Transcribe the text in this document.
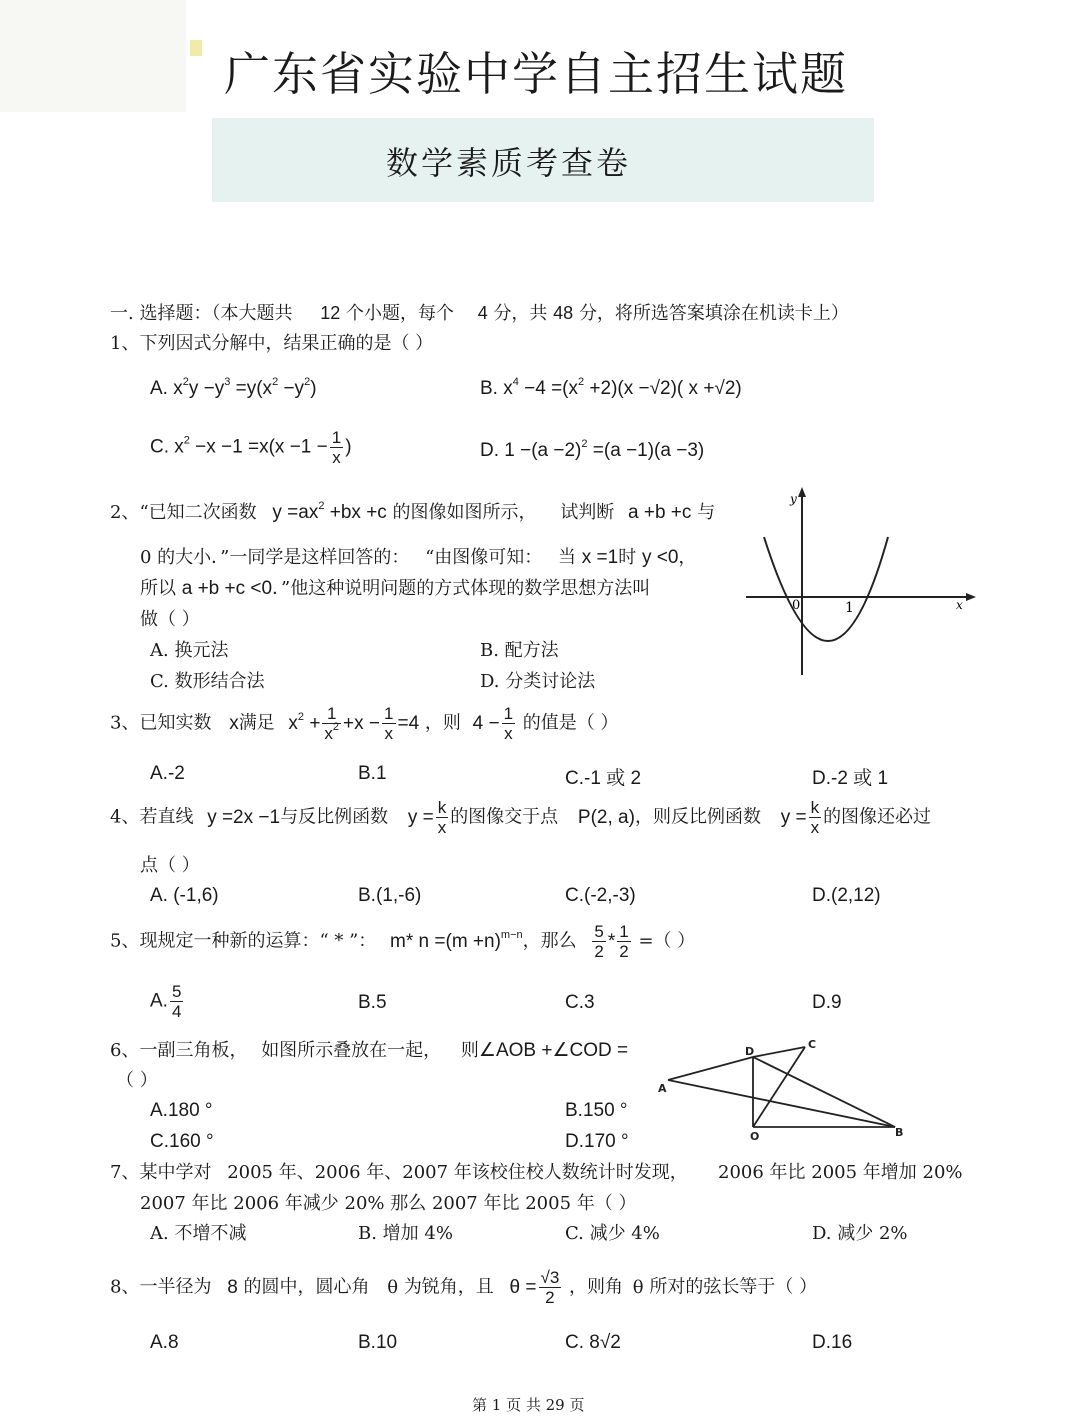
广东省实验中学自主招生试题
数学素质考查卷
一. 选择题：（本大题共 12 个小题，每个 4 分，共 48 分，将所选答案填涂在机读卡上）
1、下列因式分解中，结果正确的是（ ）
A. $x^2y -y^3 =y(x^2 -y^2)$	B. $x^4 -4 =(x^2 +2)(x -√2)$( x +√2)
C. $x^2 -x -1 =x(x -1 - \frac{1}{x}$ )	D. $1 -(a -2)^2 =(a -1)(a -3)$
2、“已知二次函数 $y =ax^2 +bx +c$ 的图像如图所示， 试判断 a +b +c 与
0 的大小．”一同学是这样回答的： “由图像可知： 当 x =1时 y <0，
所以 a +b +c <0．”他这种说明问题的方式体现的数学思想方法叫
做（ ）
A. 换元法	B. 配方法
C. 数形结合法	D. 分类讨论法
y
x
0	1
3、已知实数 x满足 $x^2 + \frac{1}{x^2} +x - \frac{1}{x} =4$ ，则 $4 - \frac{1}{x}$ 的值是（ ）
A.-2	B.1	C.-1 或 2	D.-2 或 1
4、若直线 y =2x −1与反比例函数 $y = \frac{k}{x}$ 的图像交于点 P(2, a)，则反比例函数 $y = \frac{k}{x}$ 的图像还必过
点（ ）
A. (-1,6)	B.(1,-6)	C.(-2,-3)	D.(2,12)
5、现规定一种新的运算：“ * ”： m* $n =(m +n)^{m-n}$，那么 $\frac{5}{2} * \frac{1}{2}$ =（ ）
A. $\frac{5}{4}$	B.5	C.3	D.9
6、一副三角板， 如图所示叠放在一起， 则∠AOB +∠COD =
（ ）
A.180 °	B.150 °
C.160 °	D.170 °
A
D
C
O	B
7、某中学对 2005 年、2006 年、2007 年该校住校人数统计时发现， 2006 年比 2005 年增加 20%
2007 年比 2006 年减少 20% 那么 2007 年比 2005 年（ ）
A. 不增不减	B. 增加 4%	C. 减少 4%	D. 减少 2%
8、一半径为 8 的圆中，圆心角 θ 为锐角，且 $\theta = \frac{√3}{2}$ ，则角 θ 所对的弦长等于（ ）
A.8	B.10	C. 8√2	D.16
第 1 页 共 29 页
